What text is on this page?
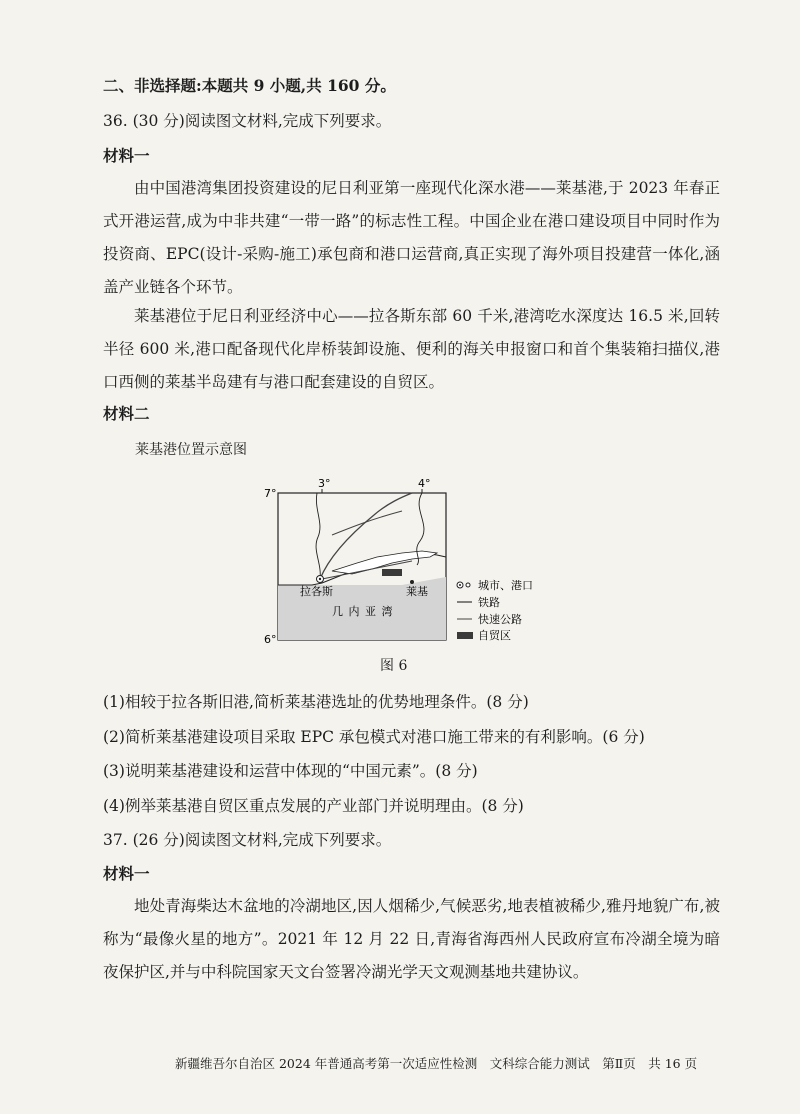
二、非选择题:本题共 9 小题,共 160 分。
36. (30 分)阅读图文材料,完成下列要求。
材料一
由中国港湾集团投资建设的尼日利亚第一座现代化深水港——莱基港,于 2023 年春正式开港运营,成为中非共建“一带一路”的标志性工程。中国企业在港口建设项目中同时作为投资商、EPC(设计-采购-施工)承包商和港口运营商,真正实现了海外项目投建营一体化,涵盖产业链各个环节。
莱基港位于尼日利亚经济中心——拉各斯东部 60 千米,港湾吃水深度达 16.5 米,回转半径 600 米,港口配备现代化岸桥装卸设施、便利的海关申报窗口和首个集装箱扫描仪,港口西侧的莱基半岛建有与港口配套建设的自贸区。
材料二
莱基港位置示意图
3°	4°
7°
6°
拉各斯	莱基
几 内 亚 湾
城市、港口
铁路
快速公路
自贸区
图 6
(1)相较于拉各斯旧港,简析莱基港选址的优势地理条件。(8 分)
(2)简析莱基港建设项目采取 EPC 承包模式对港口施工带来的有利影响。(6 分)
(3)说明莱基港建设和运营中体现的“中国元素”。(8 分)
(4)例举莱基港自贸区重点发展的产业部门并说明理由。(8 分)
37. (26 分)阅读图文材料,完成下列要求。
材料一
地处青海柴达木盆地的冷湖地区,因人烟稀少,气候恶劣,地表植被稀少,雅丹地貌广布,被称为“最像火星的地方”。2021 年 12 月 22 日,青海省海西州人民政府宣布冷湖全境为暗夜保护区,并与中科院国家天文台签署冷湖光学天文观测基地共建协议。
新疆维吾尔自治区 2024 年普通高考第一次适应性检测　文科综合能力测试　第Ⅱ页　共 16 页
